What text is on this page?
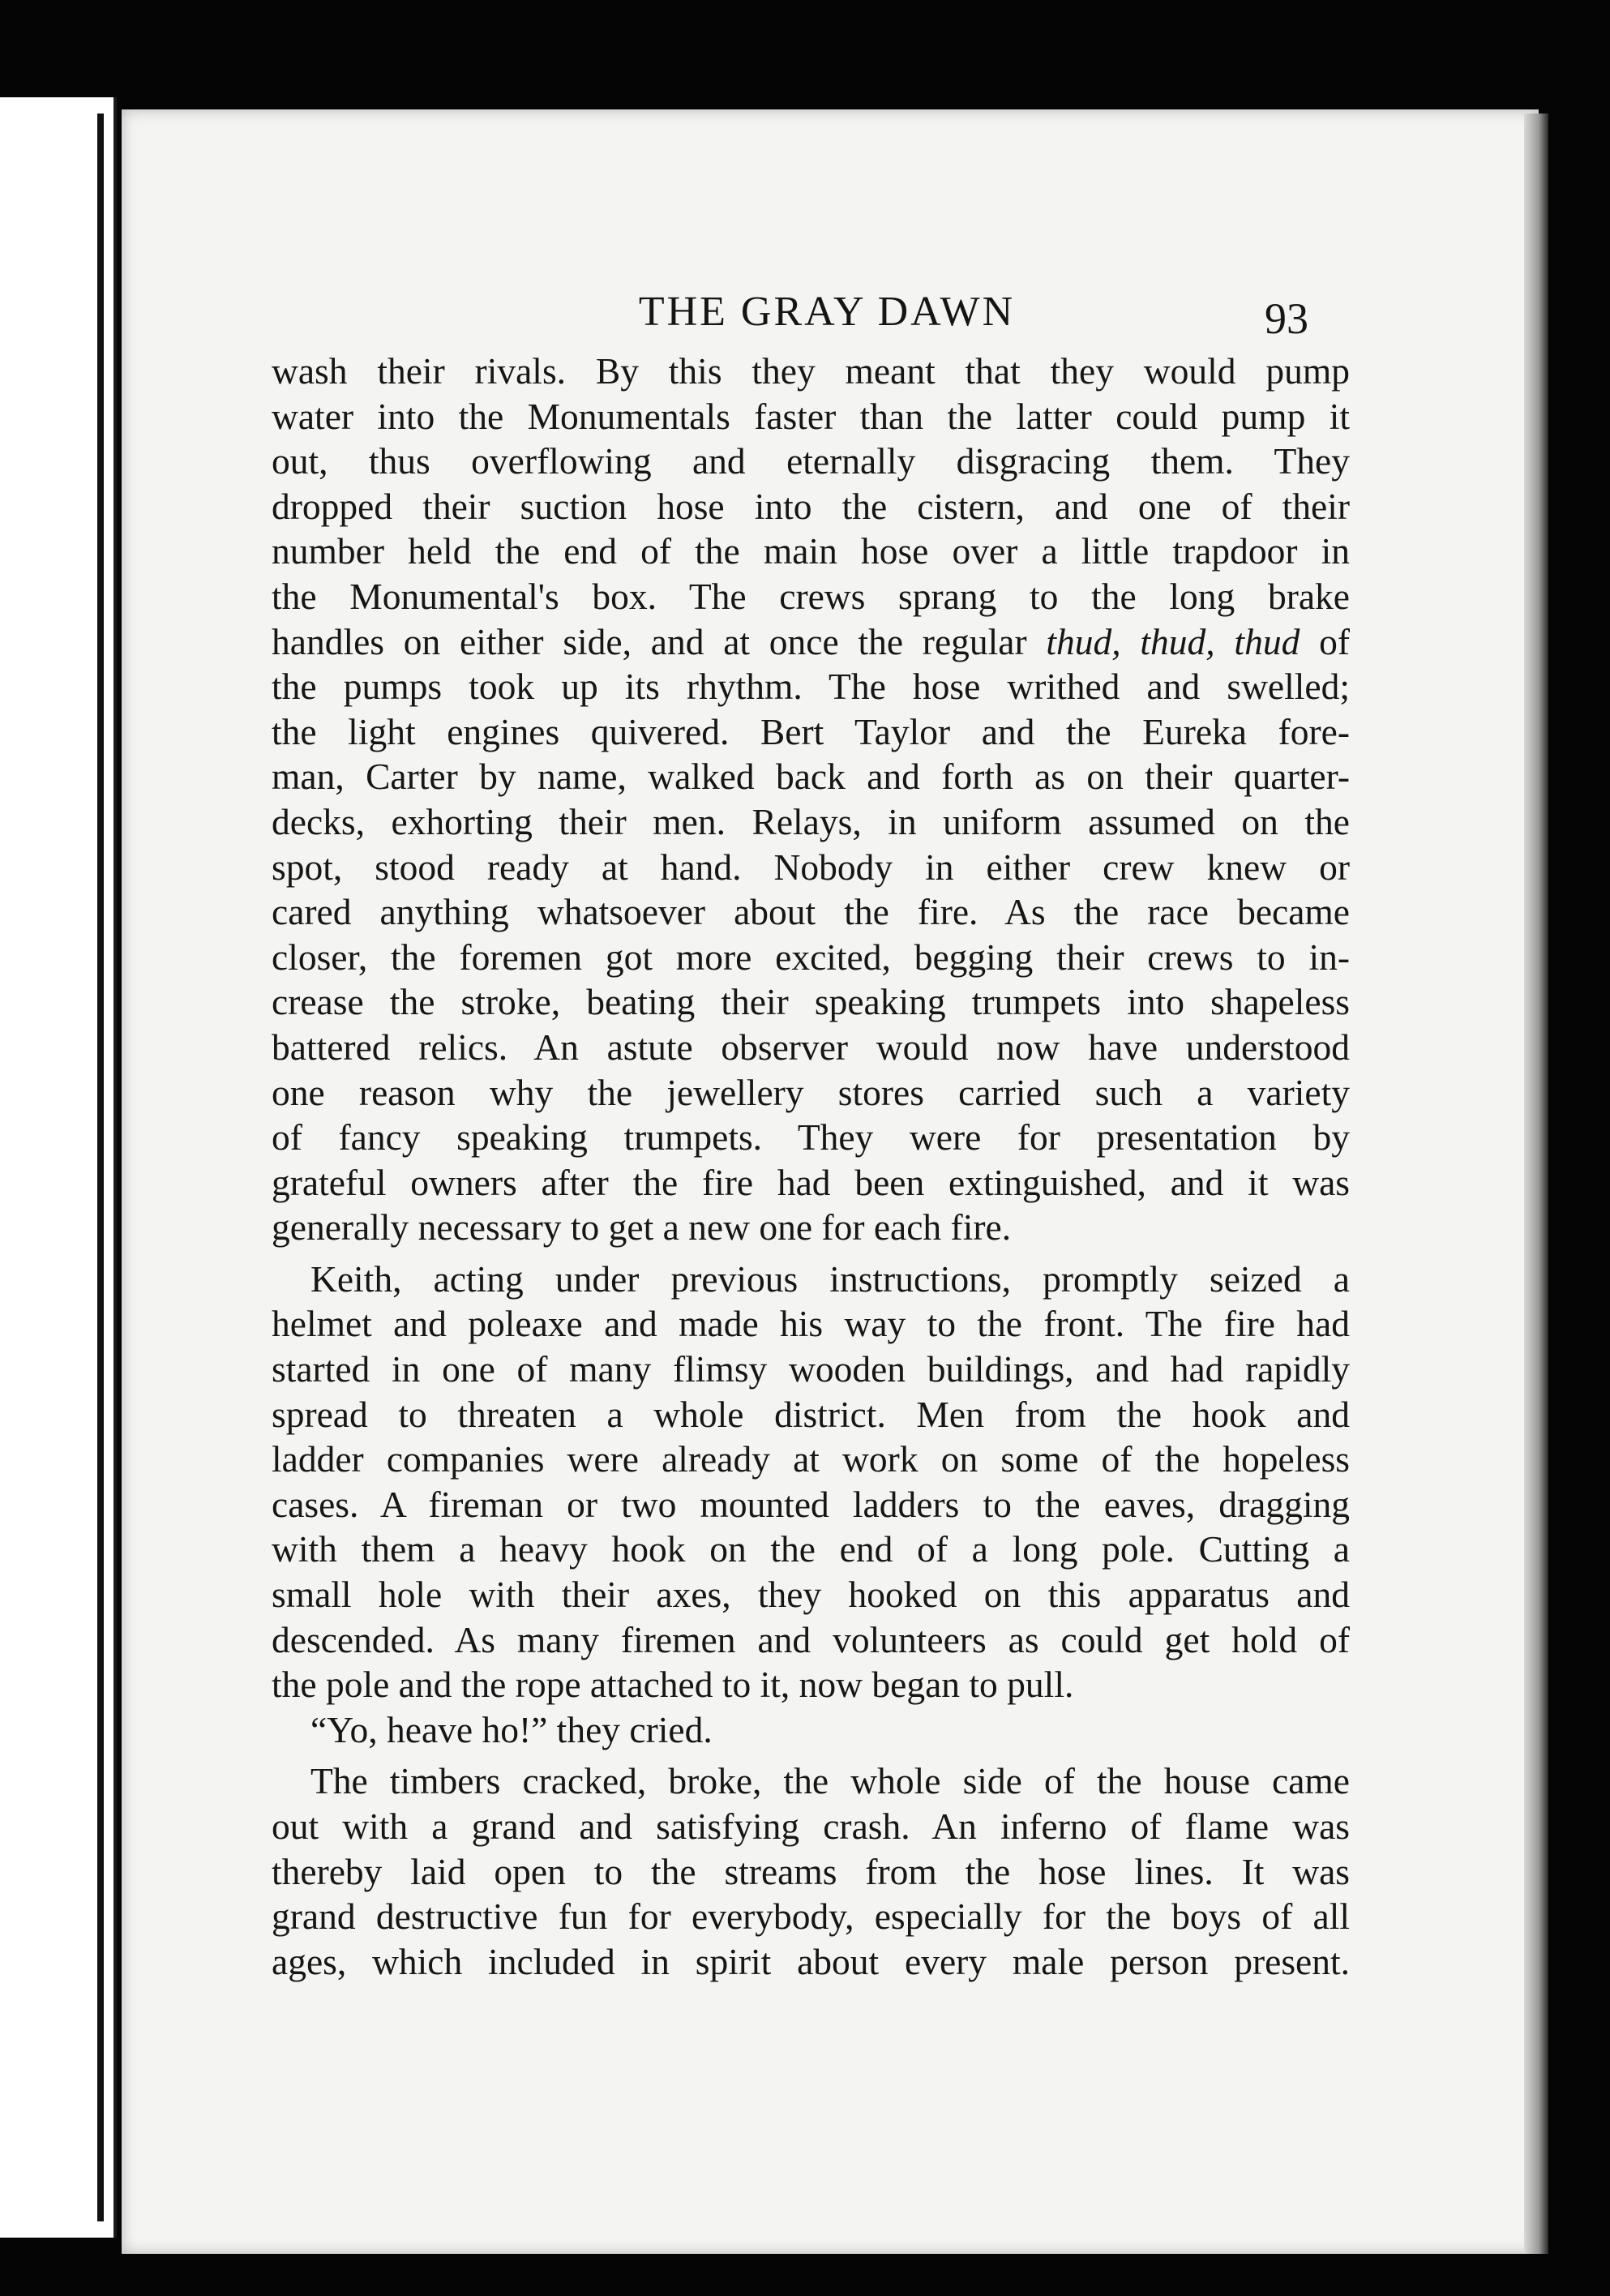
THE GRAY DAWN	93
wash their rivals. By this they meant that they would pump
water into the Monumentals faster than the latter could pump it
out, thus overflowing and eternally disgracing them. They
dropped their suction hose into the cistern, and one of their
number held the end of the main hose over a little trapdoor in
the Monumental's box. The crews sprang to the long brake
handles on either side, and at once the regular thud, thud, thud of
the pumps took up its rhythm. The hose writhed and swelled;
the light engines quivered. Bert Taylor and the Eureka fore-
man, Carter by name, walked back and forth as on their quarter-
decks, exhorting their men. Relays, in uniform assumed on the
spot, stood ready at hand. Nobody in either crew knew or
cared anything whatsoever about the fire. As the race became
closer, the foremen got more excited, begging their crews to in-
crease the stroke, beating their speaking trumpets into shapeless
battered relics. An astute observer would now have understood
one reason why the jewellery stores carried such a variety
of fancy speaking trumpets. They were for presentation by
grateful owners after the fire had been extinguished, and it was
generally necessary to get a new one for each fire.
Keith, acting under previous instructions, promptly seized a
helmet and poleaxe and made his way to the front. The fire had
started in one of many flimsy wooden buildings, and had rapidly
spread to threaten a whole district. Men from the hook and
ladder companies were already at work on some of the hopeless
cases. A fireman or two mounted ladders to the eaves, dragging
with them a heavy hook on the end of a long pole. Cutting a
small hole with their axes, they hooked on this apparatus and
descended. As many firemen and volunteers as could get hold of
the pole and the rope attached to it, now began to pull.
“Yo, heave ho!” they cried.
The timbers cracked, broke, the whole side of the house came
out with a grand and satisfying crash. An inferno of flame was
thereby laid open to the streams from the hose lines. It was
grand destructive fun for everybody, especially for the boys of all
ages, which included in spirit about every male person present.
